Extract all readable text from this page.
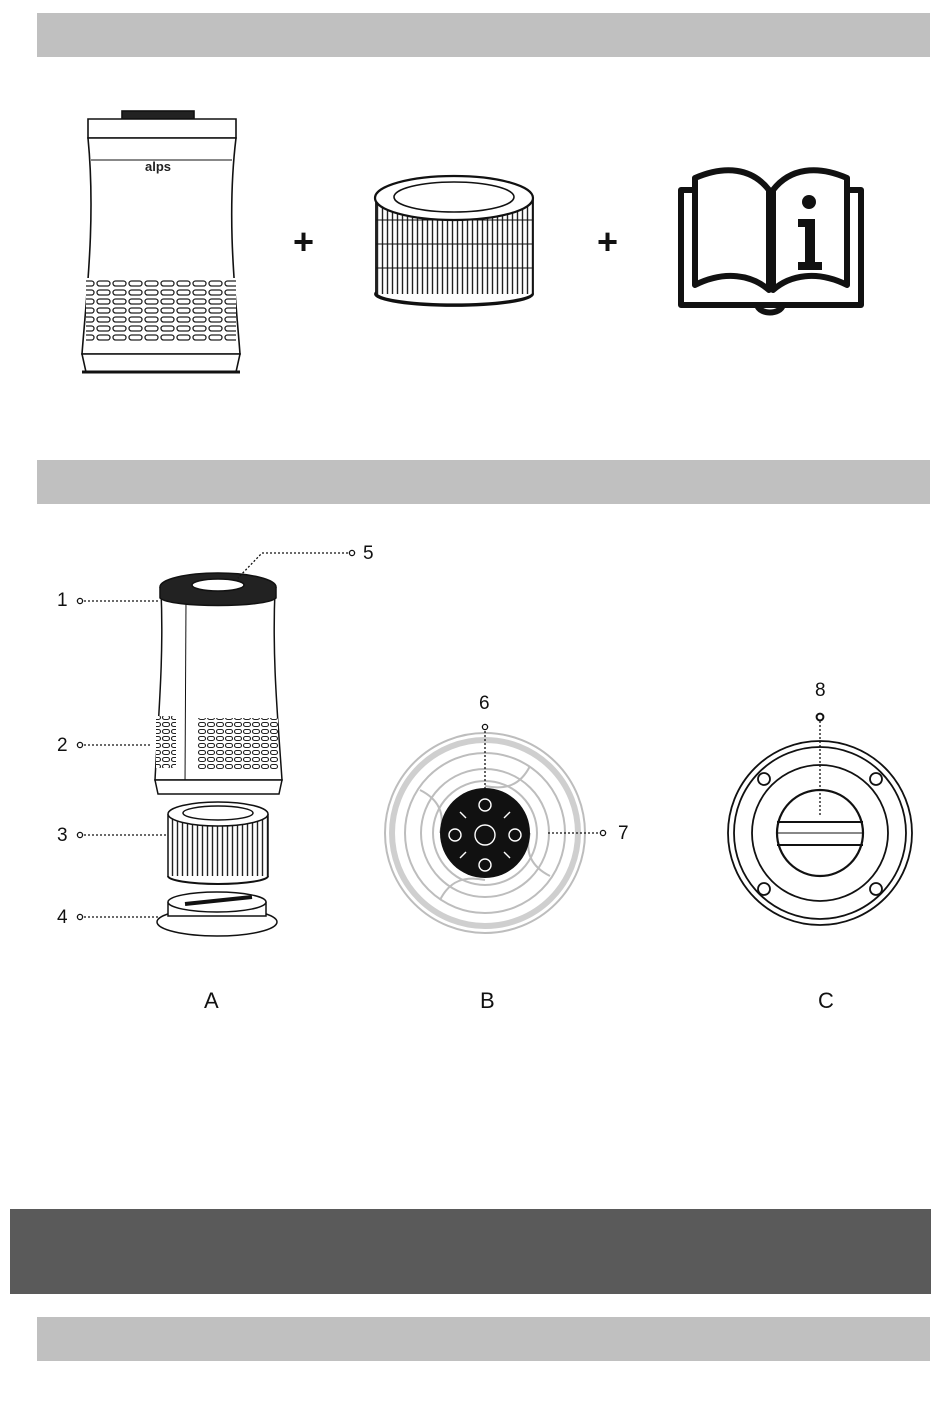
alps
+	+
5
1
2
3
4
6
7
8
A	B	C
